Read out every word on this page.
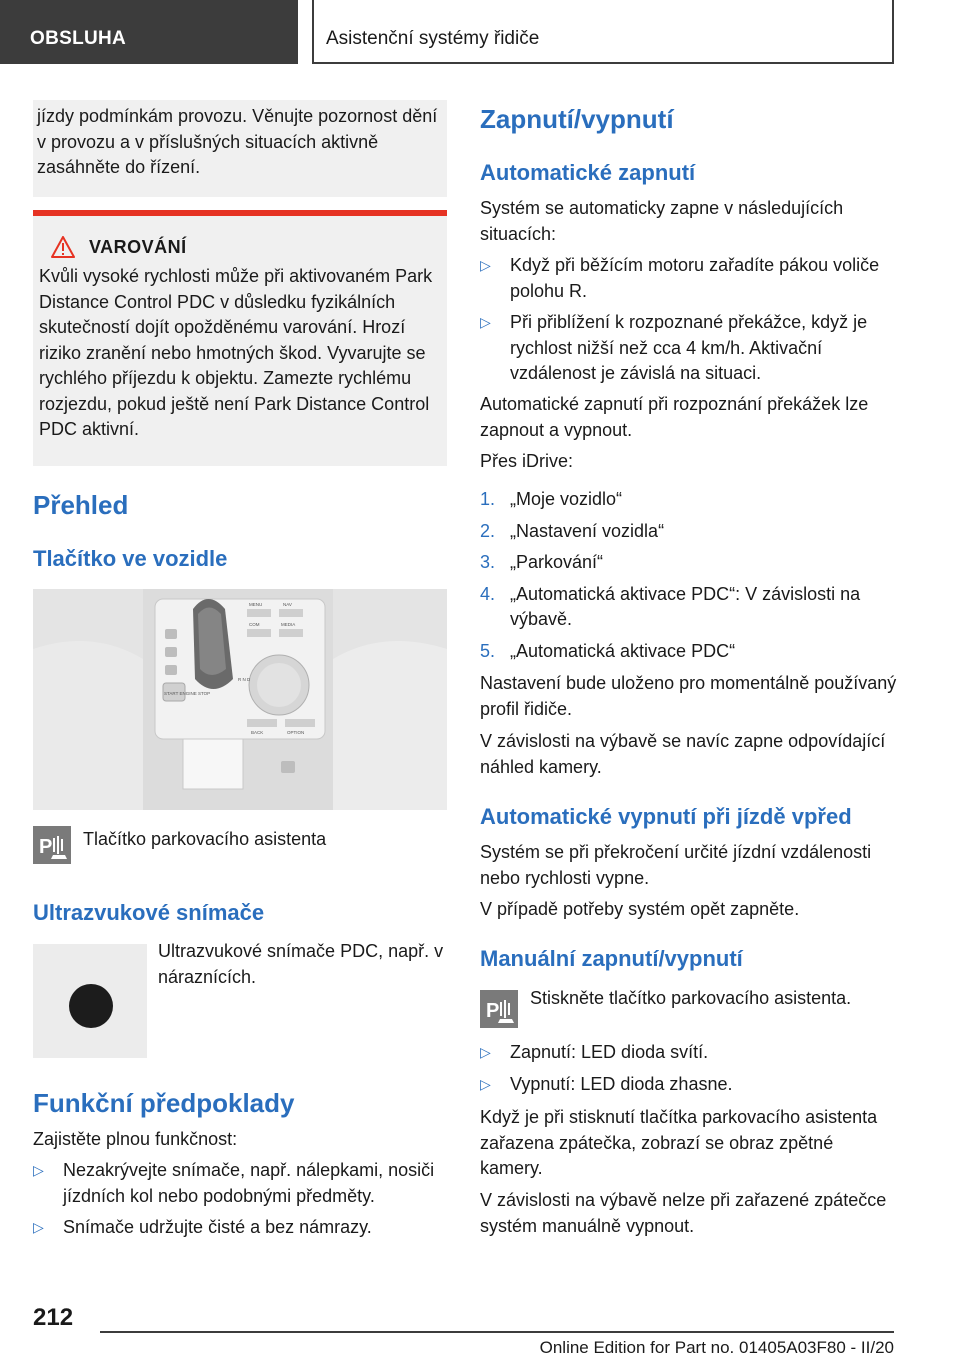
OBSLUHA	Asistenční systémy řidiče

jízdy podmínkám provozu. Věnujte pozornost dění v provozu a v příslušných situacích aktivně zasáhněte do řízení.

VAROVÁNÍ

Kvůli vysoké rychlosti může při aktivovaném Park Distance Control PDC v důsledku fyzikálních skutečností dojít opožděnému varování. Hrozí riziko zranění nebo hmotných škod. Vyvarujte se rychlého příjezdu k objektu. Zamezte rychlému rozjezdu, pokud ještě není Park Distance Control PDC aktivní.

Přehled
Tlačítko ve vozidle
START ENGINE STOP
R N D
MENU	NAV
COM	MEDIA
BACK	OPTION
P Tlačítko parkovacího asistenta

Ultrazvukové snímače

Ultrazvukové snímače PDC, např. v náraznících.

Funkční předpoklady

Zajistěte plnou funkčnost:

▷ Nezakrývejte snímače, např. nálepkami, nosiči jízdních kol nebo podobnými předměty.
▷ Snímače udržujte čisté a bez námrazy.
Zapnutí/vypnutí
Automatické zapnutí

Systém se automaticky zapne v následujících situacích:

▷ Když při běžícím motoru zařadíte pákou voliče polohu R.
▷ Při přiblížení k rozpoznané překážce, když je rychlost nižší než cca 4 km/h. Aktivační vzdálenost je závislá na situaci.

Automatické zapnutí při rozpoznání překážek lze zapnout a vypnout.

Přes iDrive:

1. „Moje vozidlo“
2. „Nastavení vozidla“
3. „Parkování“
4. „Automatická aktivace PDC“: V závislosti na výbavě.
5. „Automatická aktivace PDC“

Nastavení bude uloženo pro momentálně používaný profil řidiče.

V závislosti na výbavě se navíc zapne odpovídající náhled kamery.

Automatické vypnutí při jízdě vpřed

Systém se při překročení určité jízdní vzdálenosti nebo rychlosti vypne.

V případě potřeby systém opět zapněte.

Manuální zapnutí/vypnutí
P

Stiskněte tlačítko parkovacího asistenta.

▷ Zapnutí: LED dioda svítí.
▷ Vypnutí: LED dioda zhasne.

Když je při stisknutí tlačítka parkovacího asistenta zařazena zpátečka, zobrazí se obraz zpětné kamery.

V závislosti na výbavě nelze při zařazené zpátečce systém manuálně vypnout.

212
Online Edition for Part no. 01405A03F80 - II/20
